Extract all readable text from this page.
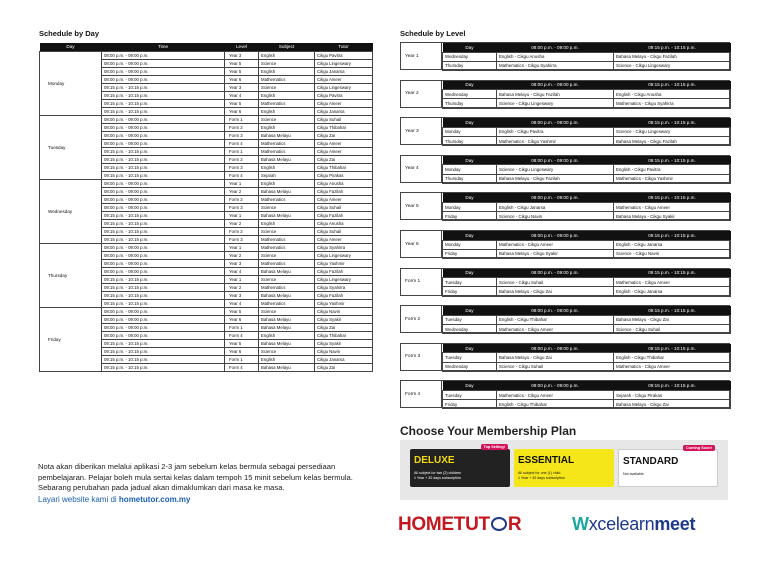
Schedule by Day
Day	Time	Level	Subject	Tutor
Monday	08:00 p.m. - 09:00 p.m.	Year 3	English	Cikgu Pavitra
	08:00 p.m. - 09:00 p.m.	Year 5	Science	Cikgu Lingeswary
	08:00 p.m. - 09:00 p.m.	Year 5	English	Cikgu Janarsa
	08:00 p.m. - 09:00 p.m.	Year 6	Mathematics	Cikgu Ameer
	09:15 p.m. - 10:15 p.m.	Year 3	Science	Cikgu Lingeswary
	09:15 p.m. - 10:15 p.m.	Year 4	English	Cikgu Pavitra
	09:15 p.m. - 10:15 p.m.	Year 5	Mathematics	Cikgu Ameer
	09:15 p.m. - 10:15 p.m.	Year 6	English	Cikgu Janarsa
Tuesday	08:00 p.m. - 09:00 p.m.	Form 1	Science	Cikgu Suhail
	08:00 p.m. - 09:00 p.m.	Form 2	English	Cikgu Thibahar
	08:00 p.m. - 09:00 p.m.	Form 3	Bahasa Melayu	Cikgu Zai
	08:00 p.m. - 09:00 p.m.	Form 4	Mathematics	Cikgu Ameer
	09:15 p.m. - 10:15 p.m.	Form 1	Mathematics	Cikgu Ameer
	09:15 p.m. - 10:15 p.m.	Form 2	Bahasa Melayu	Cikgu Zai
	09:15 p.m. - 10:15 p.m.	Form 3	English	Cikgu Thibahar
	09:15 p.m. - 10:15 p.m.	Form 4	Sejarah	Cikgu Pirakas
Wednesday	08:00 p.m. - 09:00 p.m.	Year 1	English	Cikgu Anusha
	08:00 p.m. - 09:00 p.m.	Year 2	Bahasa Melayu	Cikgu Fazilah
	08:00 p.m. - 09:00 p.m.	Form 2	Mathematics	Cikgu Ameer
	08:00 p.m. - 09:00 p.m.	Form 3	Science	Cikgu Suhail
	09:15 p.m. - 10:15 p.m.	Year 1	Bahasa Melayu	Cikgu Fazilah
	09:15 p.m. - 10:15 p.m.	Year 2	English	Cikgu Anusha
	09:15 p.m. - 10:15 p.m.	Form 2	Science	Cikgu Suhail
	09:15 p.m. - 10:15 p.m.	Form 3	Mathematics	Cikgu Ameer
Thursday	08:00 p.m. - 09:00 p.m.	Year 1	Mathematics	Cikgu Syahirra
	08:00 p.m. - 09:00 p.m.	Year 2	Science	Cikgu Lingeswary
	08:00 p.m. - 09:00 p.m.	Year 3	Mathematics	Cikgu Yashmir
	08:00 p.m. - 09:00 p.m.	Year 4	Bahasa Melayu	Cikgu Fazilah
	09:15 p.m. - 10:15 p.m.	Year 1	Science	Cikgu Lingeswary
	09:15 p.m. - 10:15 p.m.	Year 2	Mathematics	Cikgu Syahirra
	09:15 p.m. - 10:15 p.m.	Year 3	Bahasa Melayu	Cikgu Fazilah
	09:15 p.m. - 10:15 p.m.	Year 4	Mathematics	Cikgu Yashmir
Friday	08:00 p.m. - 09:00 p.m.	Year 5	Science	Cikgu Navin
	08:00 p.m. - 09:00 p.m.	Year 6	Bahasa Melayu	Cikgu Syakir
	08:00 p.m. - 09:00 p.m.	Form 1	Bahasa Melayu	Cikgu Zai
	08:00 p.m. - 09:00 p.m.	Form 4	English	Cikgu Thibahar
	09:15 p.m. - 10:15 p.m.	Year 5	Bahasa Melayu	Cikgu Syakir
	09:15 p.m. - 10:15 p.m.	Year 6	Science	Cikgu Navin
	09:15 p.m. - 10:15 p.m.	Form 1	English	Cikgu Janarsa
	09:15 p.m. - 10:15 p.m.	Form 4	Bahasa Melayu	Cikgu Zai
Schedule by Level
Year 1
Day	08:00 p.m. - 09:00 p.m.	09:15 p.m. - 10:15 p.m.
Wednesday	English - Cikgu Anusha	Bahasa Melayu - Cikgu Fazilah
Thursday	Mathematics - Cikgu Syahirra	Science - Cikgu Lingeswary
Year 2
Day	08:00 p.m. - 09:00 p.m.	09:15 p.m. - 10:15 p.m.
Wednesday	Bahasa Melayu - Cikgu Fazilah	English - Cikgu Anusha
Thursday	Science - Cikgu Lingeswary	Mathematics - Cikgu Syahirra
Year 3
Day	08:00 p.m. - 09:00 p.m.	09:15 p.m. - 10:15 p.m.
Monday	English - Cikgu Pavitra	Science - Cikgu Lingeswary
Thursday	Mathematics - Cikgu Yashmir	Bahasa Melayu - Cikgu Fazilah
Year 4
Day	08:00 p.m. - 09:00 p.m.	09:15 p.m. - 10:15 p.m.
Monday	Science - Cikgu Lingeswary	English - Cikgu Pavitra
Thursday	Bahasa Melayu - Cikgu Fazilah	Mathematics - Cikgu Yashmir
Year 5
Day	08:00 p.m. - 09:00 p.m.	09:15 p.m. - 10:15 p.m.
Monday	English - Cikgu Janarsa	Mathematics - Cikgu Ameer
Friday	Science - Cikgu Navin	Bahasa Melayu - Cikgu Syakir
Year 6
Day	08:00 p.m. - 09:00 p.m.	09:15 p.m. - 10:15 p.m.
Monday	Mathematics - Cikgu Ameer	English - Cikgu Janarsa
Friday	Bahasa Melayu - Cikgu Syakir	Science - Cikgu Navin
Form 1
Day	08:00 p.m. - 09:00 p.m.	09:15 p.m. - 10:15 p.m.
Tuesday	Science - Cikgu Suhail	Mathematics - Cikgu Ameer
Friday	Bahasa Melayu - Cikgu Zai	English - Cikgu Janarsa
Form 2
Day	08:00 p.m. - 09:00 p.m.	09:15 p.m. - 10:15 p.m.
Tuesday	English - Cikgu Thibahar	Bahasa Melayu - Cikgu Zai
Wednesday	Mathematics - Cikgu Ameer	Science - Cikgu Suhail
Form 3
Day	08:00 p.m. - 09:00 p.m.	09:15 p.m. - 10:15 p.m.
Tuesday	Bahasa Melayu - Cikgu Zai	English - Cikgu Thibahar
Wednesday	Science - Cikgu Suhail	Mathematics - Cikgu Ameer
Form 4
Day	08:00 p.m. - 09:00 p.m.	09:15 p.m. - 10:15 p.m.
Tuesday	Mathematics - Cikgu Ameer	Sejarah - Cikgu Pirakas
Friday	English - Cikgu Thibahar	Bahasa Melayu - Cikgu Zai
Nota akan diberikan melalui aplikasi 2-3 jam sebelum kelas bermula sebagai persediaan pembelajaran. Pelajar boleh mula sertai kelas dalam tempoh 15 minit sebelum kelas bermula. Sebarang perubahan pada jadual akan dimaklumkan dari masa ke masa.
Layari website kami di hometutor.com.my
Choose Your Membership Plan
Top Selling!
DELUXE
All subject for two (2) children
1 Year + 30 days subscription
ESSENTIAL
All subject for one (1) child
1 Year + 30 days subscription
Coming Soon!
STANDARD
Not available
HOMETUT R	Wxcelearnmeet
